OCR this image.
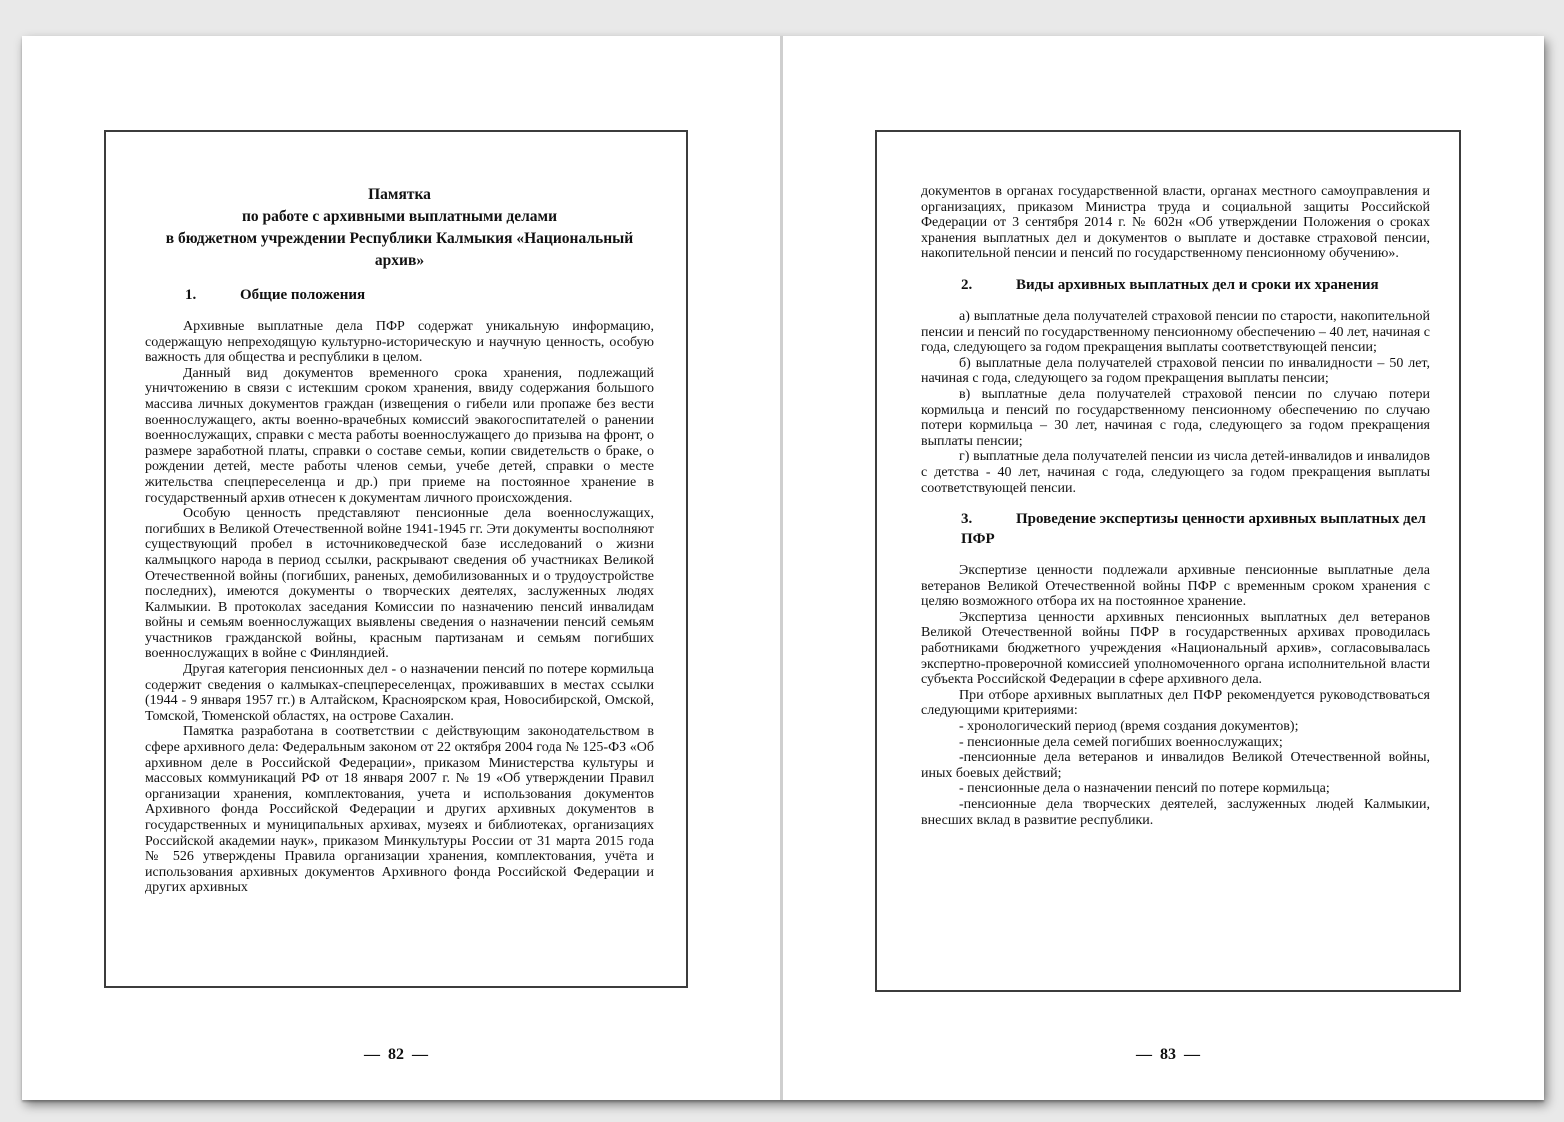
Памятка
по работе с архивными выплатными делами
в бюджетном учреждении Республики Калмыкия «Национальный архив»
1.	Общие положения

Архивные выплатные дела ПФР содержат уникальную информацию, содержащую непреходящую культурно-историческую и научную ценность, особую важность для общества и республики в целом.

Данный вид документов временного срока хранения, подлежащий уничтожению в связи с истекшим сроком хранения, ввиду содержания большого массива личных документов граждан (извещения о гибели или пропаже без вести военнослужащего, акты военно-врачебных комиссий эвакогоспитателей о ранении военнослужащих, справки с места работы военнослужащего до призыва на фронт, о размере заработной платы, справки о составе семьи, копии свидетельств о браке, о рождении детей, месте работы членов семьи, учебе детей, справки о месте жительства спецпереселенца и др.) при приеме на постоянное хранение в государственный архив отнесен к документам личного происхождения.

Особую ценность представляют пенсионные дела военнослужащих, погибших в Великой Отечественной войне 1941-1945 гг. Эти документы восполняют существующий пробел в источниковедческой базе исследований о жизни калмыцкого народа в период ссылки, раскрывают сведения об участниках Великой Отечественной войны (погибших, раненых, демобилизованных и о трудоустройстве последних), имеются документы о творческих деятелях, заслуженных людях Калмыкии. В протоколах заседания Комиссии по назначению пенсий инвалидам войны и семьям военнослужащих выявлены сведения о назначении пенсий семьям участников гражданской войны, красным партизанам и семьям погибших военнослужащих в войне с Финляндией.

Другая категория пенсионных дел - о назначении пенсий по потере кормильца содержит сведения о калмыках-спецпереселенцах, проживавших в местах ссылки (1944 - 9 января 1957 гг.) в Алтайском, Красноярском края, Новосибирской, Омской, Томской, Тюменской областях, на острове Сахалин.

Памятка разработана в соответствии с действующим законодательством в сфере архивного дела: Федеральным законом от 22 октября 2004 года № 125-ФЗ «Об архивном деле в Российской Федерации», приказом Министерства культуры и массовых коммуникаций РФ от 18 января 2007 г. № 19 «Об утверждении Правил организации хранения, комплектования, учета и использования документов Архивного фонда Российской Федерации и других архивных документов в государственных и муниципальных архивах, музеях и библиотеках, организациях Российской академии наук», приказом Минкультуры России от 31 марта 2015 года № 526 утверждены Правила организации хранения, комплектования, учёта и использования архивных документов Архивного фонда Российской Федерации и других архивных

документов в органах государственной власти, органах местного самоуправления и организациях, приказом Министра труда и социальной защиты Российской Федерации от 3 сентября 2014 г. № 602н «Об утверждении Положения о сроках хранения выплатных дел и документов о выплате и доставке страховой пенсии, накопительной пенсии и пенсий по государственному пенсионному обучению».

2.	Виды архивных выплатных дел и сроки их хранения

а) выплатные дела получателей страховой пенсии по старости, накопительной пенсии и пенсий по государственному пенсионному обеспечению – 40 лет, начиная с года, следующего за годом прекращения выплаты соответствующей пенсии;

б) выплатные дела получателей страховой пенсии по инвалидности – 50 лет, начиная с года, следующего за годом прекращения выплаты пенсии;

в) выплатные дела получателей страховой пенсии по случаю потери кормильца и пенсий по государственному пенсионному обеспечению по случаю потери кормильца – 30 лет, начиная с года, следующего за годом прекращения выплаты пенсии;

г) выплатные дела получателей пенсии из числа детей-инвалидов и инвалидов с детства - 40 лет, начиная с года, следующего за годом прекращения выплаты соответствующей пенсии.

3.	Проведение экспертизы ценности архивных выплатных дел
ПФР

Экспертизе ценности подлежали архивные пенсионные выплатные дела ветеранов Великой Отечественной войны ПФР с временным сроком хранения с целяю возможного отбора их на постоянное хранение.

Экспертиза ценности архивных пенсионных выплатных дел ветеранов Великой Отечественной войны ПФР в государственных архивах проводилась работниками бюджетного учреждения «Национальный архив», согласовывалась экспертно-проверочной комиссией уполномоченного органа исполнительной власти субъекта Российской Федерации в сфере архивного дела.

При отборе архивных выплатных дел ПФР рекомендуется руководствоваться следующими критериями:

- хронологический период (время создания документов);

- пенсионные дела семей погибших военнослужащих;

-пенсионные дела ветеранов и инвалидов Великой Отечественной войны, иных боевых действий;

- пенсионные дела о назначении пенсий по потере кормильца;

-пенсионные дела творческих деятелей, заслуженных людей Калмыкии, внесших вклад в развитие республики.

—  82  —	—  83  —
